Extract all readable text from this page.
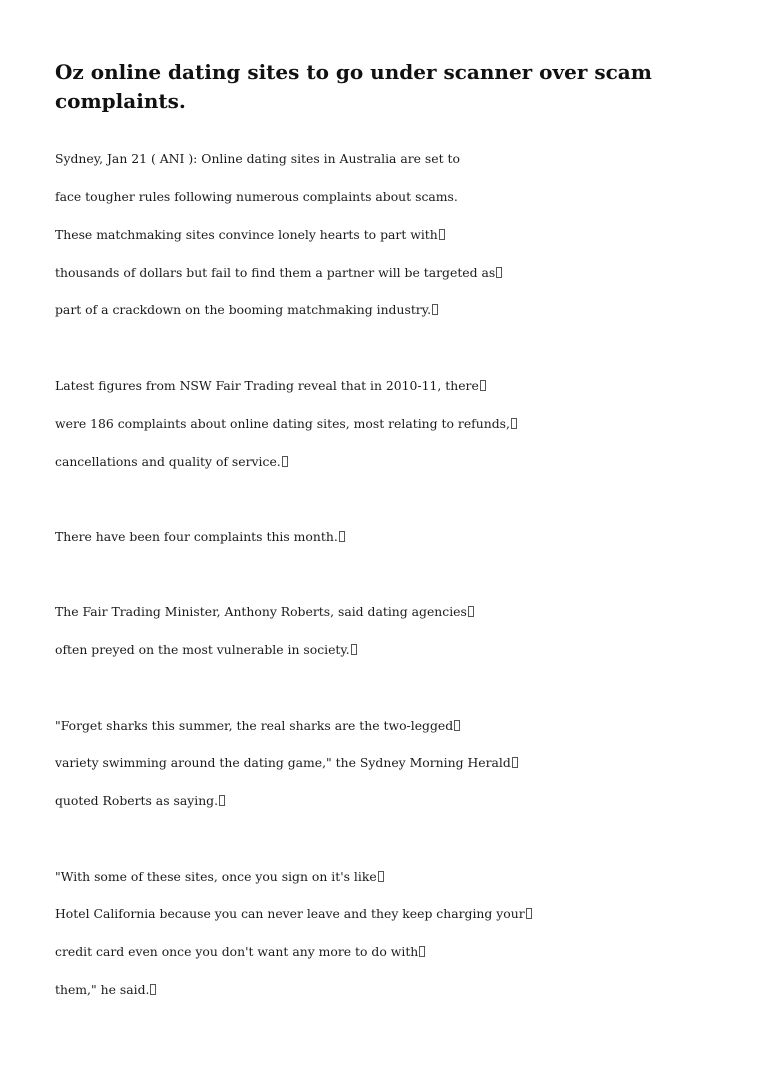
Oz online dating sites to go under scanner over scam complaints.

Sydney, Jan 21 ( ANI ): Online dating sites in Australia are set to

face tougher rules following numerous complaints about scams.

These matchmaking sites convince lonely hearts to part with

thousands of dollars but fail to find them a partner will be targeted as

part of a crackdown on the booming matchmaking industry.

Latest figures from NSW Fair Trading reveal that in 2010-11, there

were 186 complaints about online dating sites, most relating to refunds,

cancellations and quality of service.

There have been four complaints this month.

The Fair Trading Minister, Anthony Roberts, said dating agencies

often preyed on the most vulnerable in society.

"Forget sharks this summer, the real sharks are the two-legged

variety swimming around the dating game," the Sydney Morning Herald

quoted Roberts as saying.

"With some of these sites, once you sign on it's like

Hotel California because you can never leave and they keep charging your

credit card even once you don't want any more to do with

them," he said.
